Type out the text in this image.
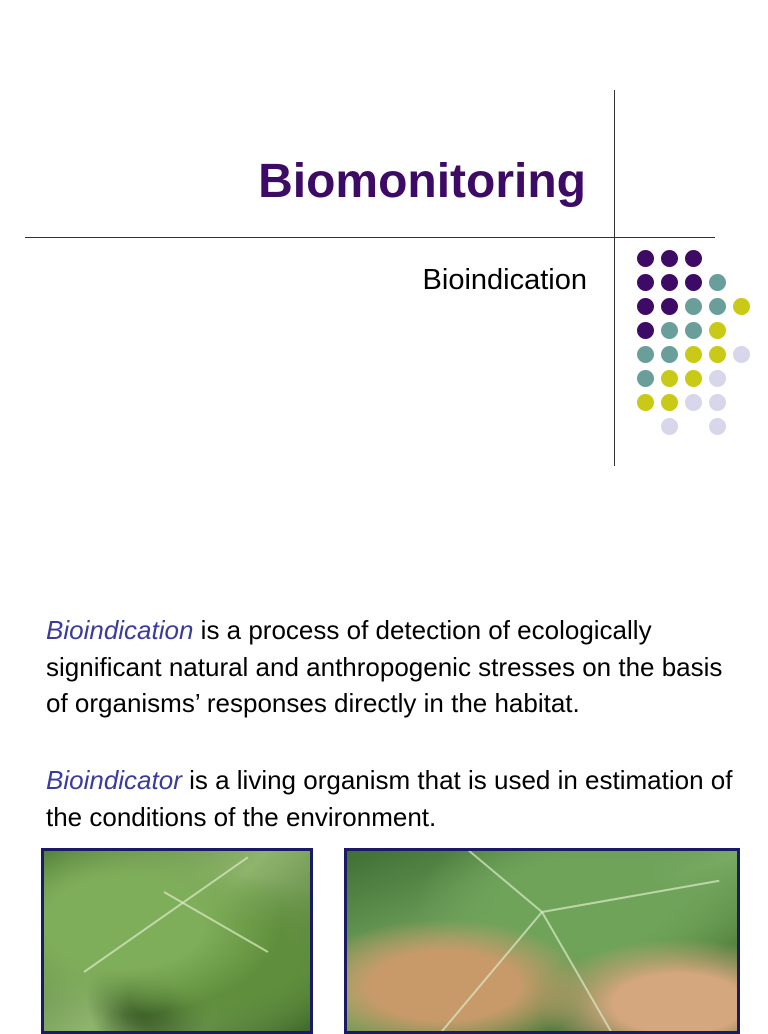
Biomonitoring
Bioindication
Bioindication is a process of detection of ecologically significant natural and anthropogenic stresses on the basis of organisms’ responses directly in the habitat.
Bioindicator is a living organism that is used in estimation of the conditions of the environment.
